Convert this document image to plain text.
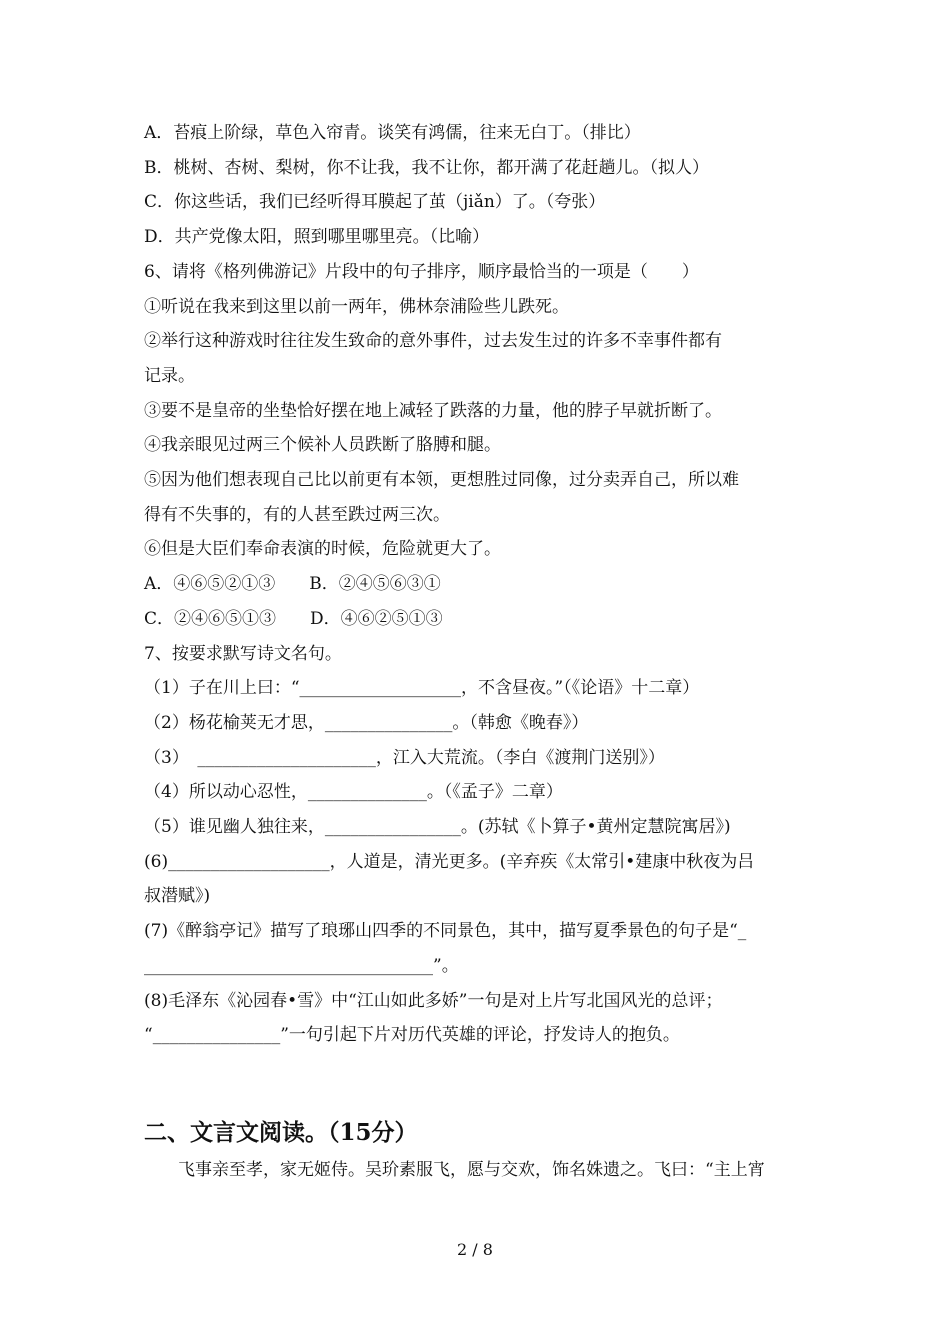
A．苔痕上阶绿，草色入帘青。谈笑有鸿儒，往来无白丁。（排比）
B．桃树、杏树、梨树，你不让我，我不让你，都开满了花赶趟儿。（拟人）
C．你这些话，我们已经听得耳膜起了茧（jiǎn）了。（夸张）
D．共产党像太阳，照到哪里哪里亮。（比喻）
6、请将《格列佛游记》片段中的句子排序，顺序最恰当的一项是（　　）
①听说在我来到这里以前一两年，佛林奈浦险些儿跌死。
②举行这种游戏时往往发生致命的意外事件，过去发生过的许多不幸事件都有
记录。
③要不是皇帝的坐垫恰好摆在地上减轻了跌落的力量，他的脖子早就折断了。
④我亲眼见过两三个候补人员跌断了胳膊和腿。
⑤因为他们想表现自己比以前更有本领，更想胜过同像，过分卖弄自己，所以难
得有不失事的，有的人甚至跌过两三次。
⑥但是大臣们奉命表演的时候，危险就更大了。
A．④⑥⑤②①③　　B．②④⑤⑥③①
C．②④⑥⑤①③　　D．④⑥②⑤①③
7、按要求默写诗文名句。
（1）子在川上曰：“___________________，不含昼夜。”（《论语》十二章）
（2）杨花榆荚无才思，_______________。（韩愈《晚春》）
（3）　_____________________，江入大荒流。（李白《渡荆门送别》）
（4）所以动心忍性，______________。（《孟子》二章）
（5）谁见幽人独往来，________________。(苏轼《卜算子•黄州定慧院寓居》)
(6)___________________，人道是，清光更多。(辛弃疾《太常引•建康中秋夜为吕
叔潜赋》)
(7)《醉翁亭记》描写了琅琊山四季的不同景色，其中，描写夏季景色的句子是“_
__________________________________”。
(8)毛泽东《沁园春•雪》中“江山如此多娇”一句是对上片写北国风光的总评；
“_______________”一句引起下片对历代英雄的评论，抒发诗人的抱负。
二、文言文阅读。（15分）
飞事亲至孝，家无姬侍。吴玠素服飞，愿与交欢，饰名姝遗之。飞曰：“主上宵
2 / 8
